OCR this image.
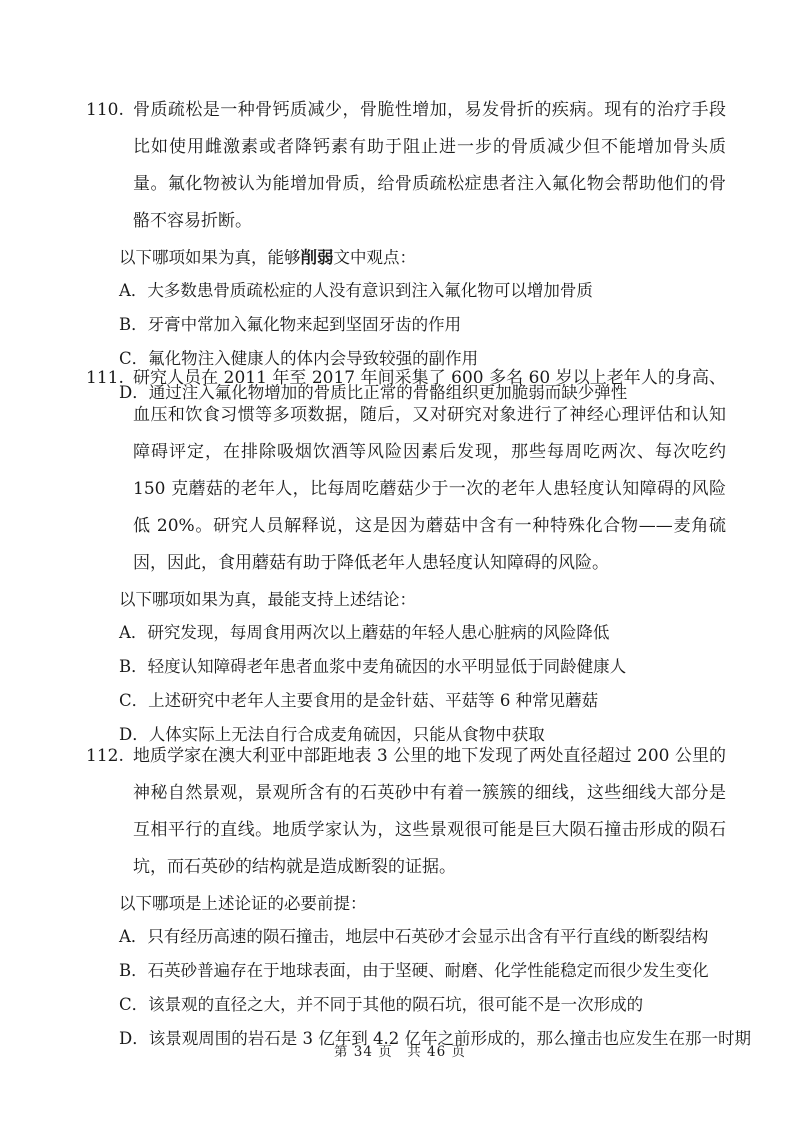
110. 骨质疏松是一种骨钙质减少，骨脆性增加，易发骨折的疾病。现有的治疗手段比如使用雌激素或者降钙素有助于阻止进一步的骨质减少但不能增加骨头质量。氟化物被认为能增加骨质，给骨质疏松症患者注入氟化物会帮助他们的骨骼不容易折断。
以下哪项如果为真，能够削弱文中观点：
A．大多数患骨质疏松症的人没有意识到注入氟化物可以增加骨质
B．牙膏中常加入氟化物来起到坚固牙齿的作用
C．氟化物注入健康人的体内会导致较强的副作用
D．通过注入氟化物增加的骨质比正常的骨骼组织更加脆弱而缺少弹性
111. 研究人员在 2011 年至 2017 年间采集了 600 多名 60 岁以上老年人的身高、血压和饮食习惯等多项数据，随后，又对研究对象进行了神经心理评估和认知障碍评定，在排除吸烟饮酒等风险因素后发现，那些每周吃两次、每次吃约 150 克蘑菇的老年人，比每周吃蘑菇少于一次的老年人患轻度认知障碍的风险低 20%。研究人员解释说，这是因为蘑菇中含有一种特殊化合物——麦角硫因，因此，食用蘑菇有助于降低老年人患轻度认知障碍的风险。
以下哪项如果为真，最能支持上述结论：
A．研究发现，每周食用两次以上蘑菇的年轻人患心脏病的风险降低
B．轻度认知障碍老年患者血浆中麦角硫因的水平明显低于同龄健康人
C．上述研究中老年人主要食用的是金针菇、平菇等 6 种常见蘑菇
D．人体实际上无法自行合成麦角硫因，只能从食物中获取
112. 地质学家在澳大利亚中部距地表 3 公里的地下发现了两处直径超过 200 公里的神秘自然景观，景观所含有的石英砂中有着一簇簇的细线，这些细线大部分是互相平行的直线。地质学家认为，这些景观很可能是巨大陨石撞击形成的陨石坑，而石英砂的结构就是造成断裂的证据。
以下哪项是上述论证的必要前提：
A．只有经历高速的陨石撞击，地层中石英砂才会显示出含有平行直线的断裂结构
B．石英砂普遍存在于地球表面，由于坚硬、耐磨、化学性能稳定而很少发生变化
C．该景观的直径之大，并不同于其他的陨石坑，很可能不是一次形成的
D．该景观周围的岩石是 3 亿年到 4.2 亿年之前形成的，那么撞击也应发生在那一时期
第 34 页　共 46 页
